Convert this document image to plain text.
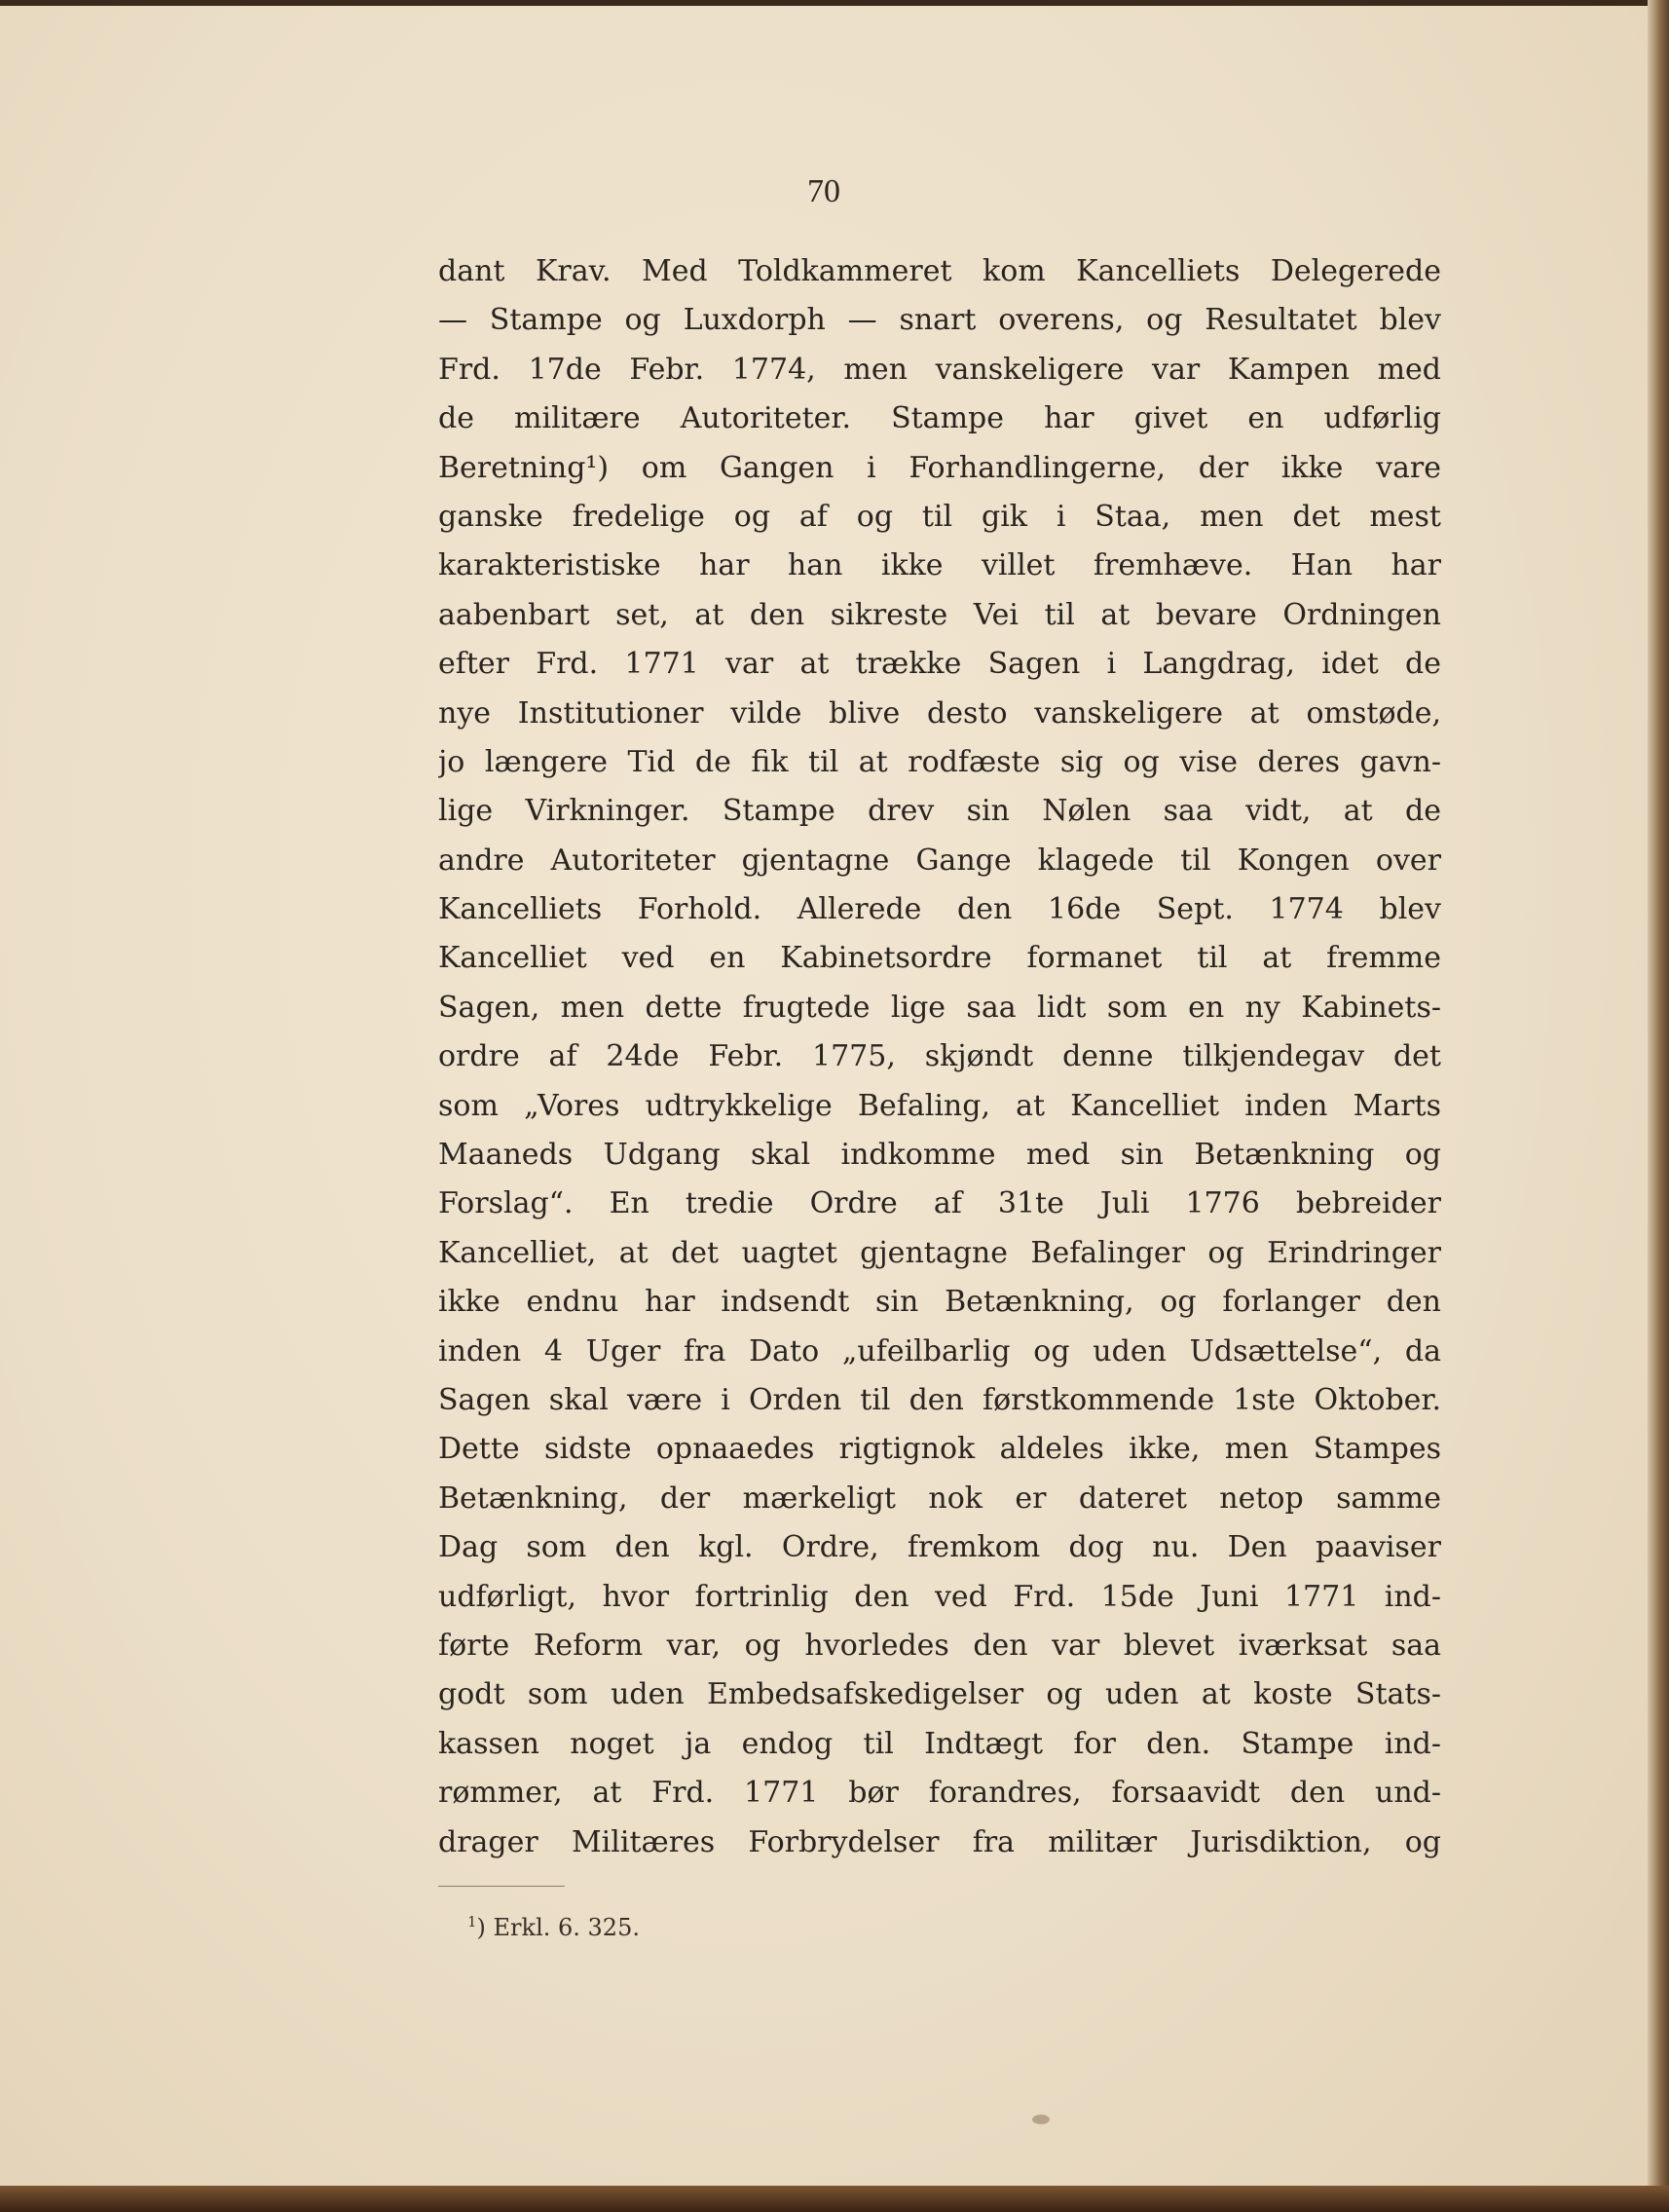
70
dant Krav. Med Toldkammeret kom Kancelliets Delegerede
— Stampe og Luxdorph — snart overens, og Resultatet blev
Frd. 17de Febr. 1774, men vanskeligere var Kampen med
de militære Autoriteter. Stampe har givet en udførlig
Beretning¹) om Gangen i Forhandlingerne, der ikke vare
ganske fredelige og af og til gik i Staa, men det mest
karakteristiske har han ikke villet fremhæve. Han har
aabenbart set, at den sikreste Vei til at bevare Ordningen
efter Frd. 1771 var at trække Sagen i Langdrag, idet de
nye Institutioner vilde blive desto vanskeligere at omstøde,
jo længere Tid de fik til at rodfæste sig og vise deres gavn-
lige Virkninger. Stampe drev sin Nølen saa vidt, at de
andre Autoriteter gjentagne Gange klagede til Kongen over
Kancelliets Forhold. Allerede den 16de Sept. 1774 blev
Kancelliet ved en Kabinetsordre formanet til at fremme
Sagen, men dette frugtede lige saa lidt som en ny Kabinets-
ordre af 24de Febr. 1775, skjøndt denne tilkjendegav det
som „Vores udtrykkelige Befaling, at Kancelliet inden Marts
Maaneds Udgang skal indkomme med sin Betænkning og
Forslag“. En tredie Ordre af 31te Juli 1776 bebreider
Kancelliet, at det uagtet gjentagne Befalinger og Erindringer
ikke endnu har indsendt sin Betænkning, og forlanger den
inden 4 Uger fra Dato „ufeilbarlig og uden Udsættelse“, da
Sagen skal være i Orden til den førstkommende 1ste Oktober.
Dette sidste opnaaedes rigtignok aldeles ikke, men Stampes
Betænkning, der mærkeligt nok er dateret netop samme
Dag som den kgl. Ordre, fremkom dog nu. Den paaviser
udførligt, hvor fortrinlig den ved Frd. 15de Juni 1771 ind-
førte Reform var, og hvorledes den var blevet iværksat saa
godt som uden Embedsafskedigelser og uden at koste Stats-
kassen noget ja endog til Indtægt for den. Stampe ind-
rømmer, at Frd. 1771 bør forandres, forsaavidt den und-
drager Militæres Forbrydelser fra militær Jurisdiktion, og
$^1$) Erkl. 6. 325.
